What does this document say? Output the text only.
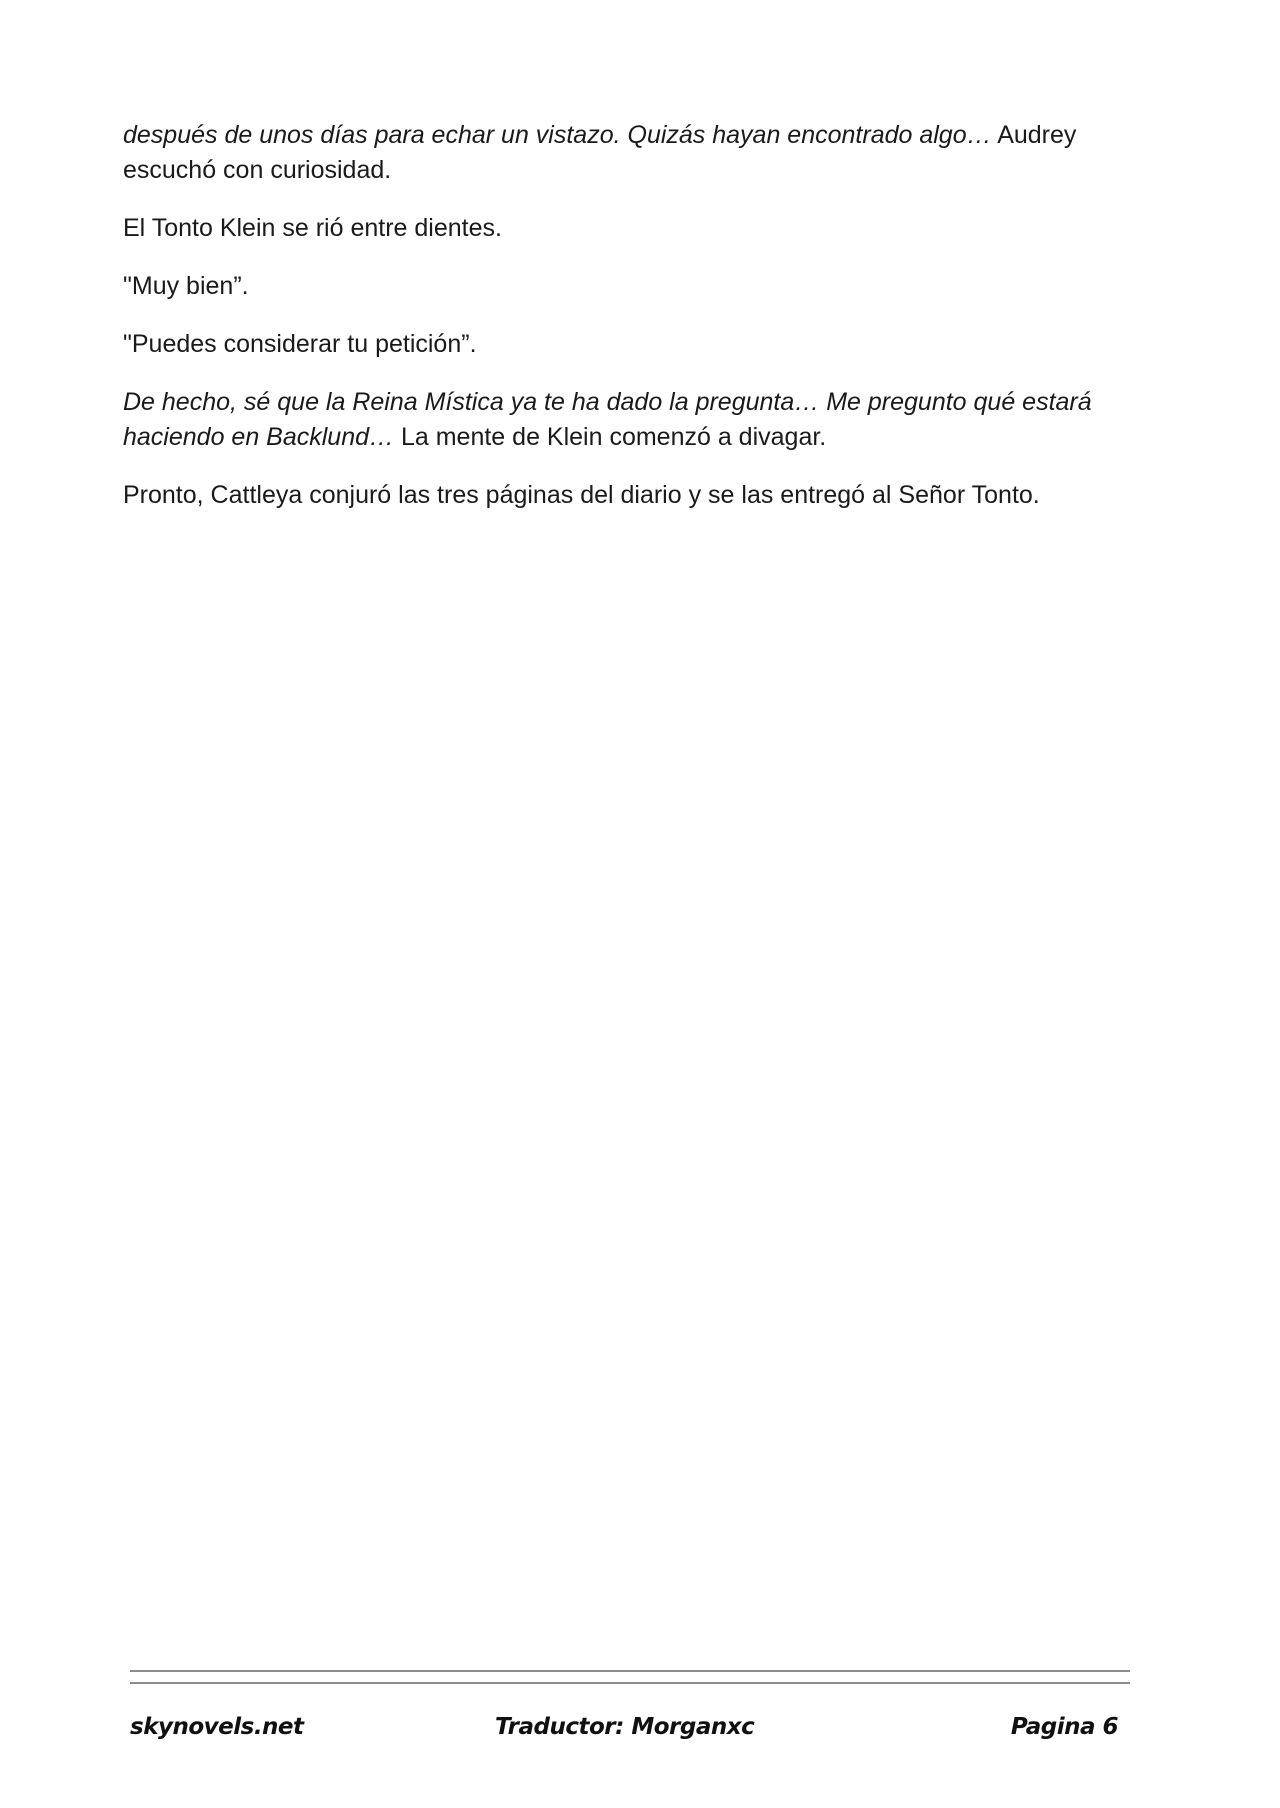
después de unos días para echar un vistazo. Quizás hayan encontrado algo… Audrey escuchó con curiosidad.

El Tonto Klein se rió entre dientes.

"Muy bien”.

"Puedes considerar tu petición”.

De hecho, sé que la Reina Mística ya te ha dado la pregunta… Me pregunto qué estará haciendo en Backlund… La mente de Klein comenzó a divagar.

Pronto, Cattleya conjuró las tres páginas del diario y se las entregó al Señor Tonto.

skynovels.net	Traductor: Morganxc	Pagina 6
